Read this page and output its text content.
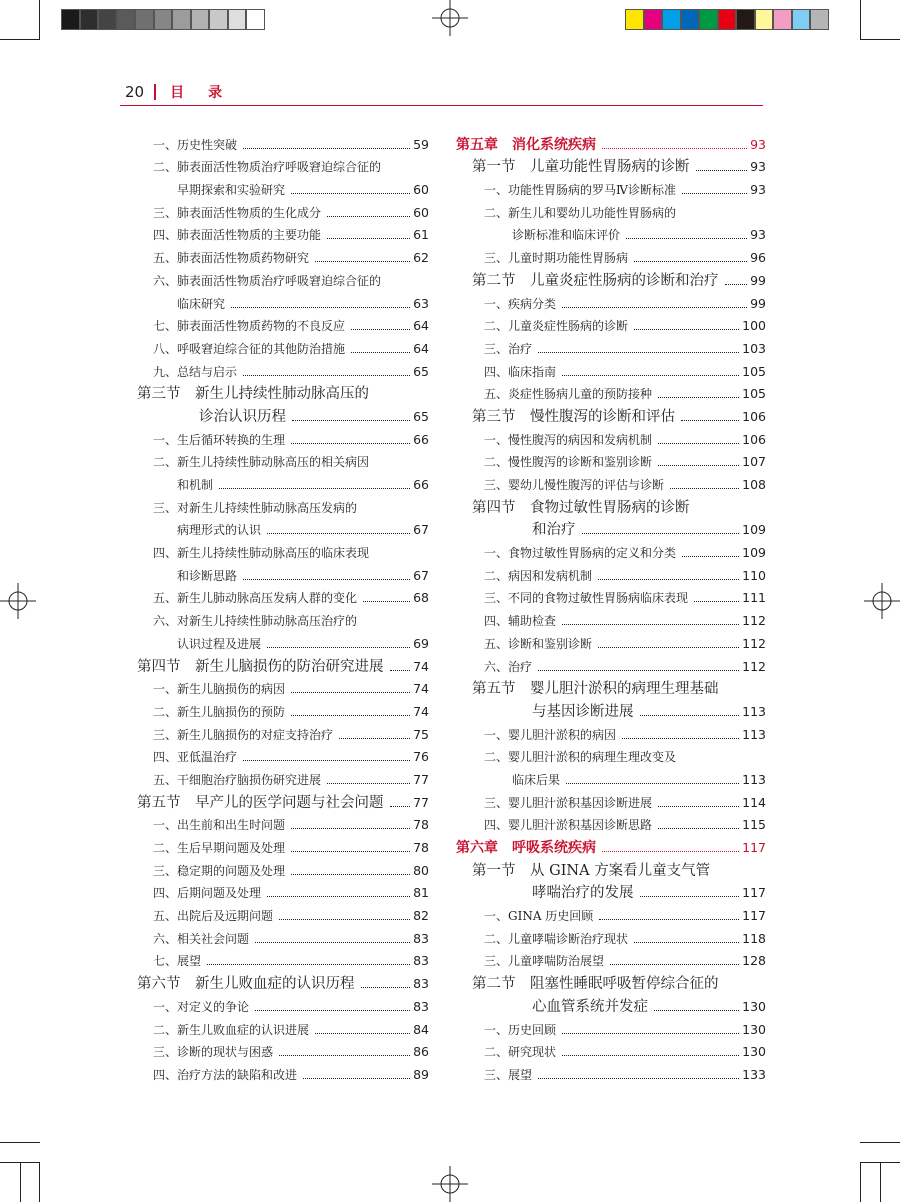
20 目录
一、历史性突破	59
二、肺表面活性物质治疗呼吸窘迫综合征的
早期探索和实验研究	60
三、肺表面活性物质的生化成分	60
四、肺表面活性物质的主要功能	61
五、肺表面活性物质药物研究	62
六、肺表面活性物质治疗呼吸窘迫综合征的
临床研究	63
七、肺表面活性物质药物的不良反应	64
八、呼吸窘迫综合征的其他防治措施	64
九、总结与启示	65
第三节　新生儿持续性肺动脉高压的
诊治认识历程	65
一、生后循环转换的生理	66
二、新生儿持续性肺动脉高压的相关病因
和机制	66
三、对新生儿持续性肺动脉高压发病的
病理形式的认识	67
四、新生儿持续性肺动脉高压的临床表现
和诊断思路	67
五、新生儿肺动脉高压发病人群的变化	68
六、对新生儿持续性肺动脉高压治疗的
认识过程及进展	69
第四节　新生儿脑损伤的防治研究进展 74
一、新生儿脑损伤的病因	74
二、新生儿脑损伤的预防	74
三、新生儿脑损伤的对症支持治疗	75
四、亚低温治疗	76
五、干细胞治疗脑损伤研究进展	77
第五节　早产儿的医学问题与社会问题 77
一、出生前和出生时问题	78
二、生后早期问题及处理	78
三、稳定期的问题及处理	80
四、后期问题及处理	81
五、出院后及远期问题	82
六、相关社会问题	83
七、展望	83
第六节　新生儿败血症的认识历程	83
一、对定义的争论	83
二、新生儿败血症的认识进展	84
三、诊断的现状与困惑	86
四、治疗方法的缺陷和改进	89
第五章　消化系统疾病	93
第一节　儿童功能性胃肠病的诊断	93
一、功能性胃肠病的罗马Ⅳ诊断标准	93
二、新生儿和婴幼儿功能性胃肠病的
诊断标准和临床评价	93
三、儿童时期功能性胃肠病	96
第二节　儿童炎症性肠病的诊断和治疗	99
一、疾病分类	99
二、儿童炎症性肠病的诊断	100
三、治疗	103
四、临床指南	105
五、炎症性肠病儿童的预防接种	105
第三节　慢性腹泻的诊断和评估	106
一、慢性腹泻的病因和发病机制	106
二、慢性腹泻的诊断和鉴别诊断	107
三、婴幼儿慢性腹泻的评估与诊断	108
第四节　食物过敏性胃肠病的诊断
和治疗	109
一、食物过敏性胃肠病的定义和分类	109
二、病因和发病机制	110
三、不同的食物过敏性胃肠病临床表现	111
四、辅助检查	112
五、诊断和鉴别诊断	112
六、治疗	112
第五节　婴儿胆汁淤积的病理生理基础
与基因诊断进展	113
一、婴儿胆汁淤积的病因	113
二、婴儿胆汁淤积的病理生理改变及
临床后果	113
三、婴儿胆汁淤积基因诊断进展	114
四、婴儿胆汁淤积基因诊断思路	115
第六章　呼吸系统疾病	117
第一节　从 GINA 方案看儿童支气管
哮喘治疗的发展	117
一、GINA 历史回顾	117
二、儿童哮喘诊断治疗现状	118
三、儿童哮喘防治展望	128
第二节　阻塞性睡眠呼吸暂停综合征的
心血管系统并发症	130
一、历史回顾	130
二、研究现状	130
三、展望	133
